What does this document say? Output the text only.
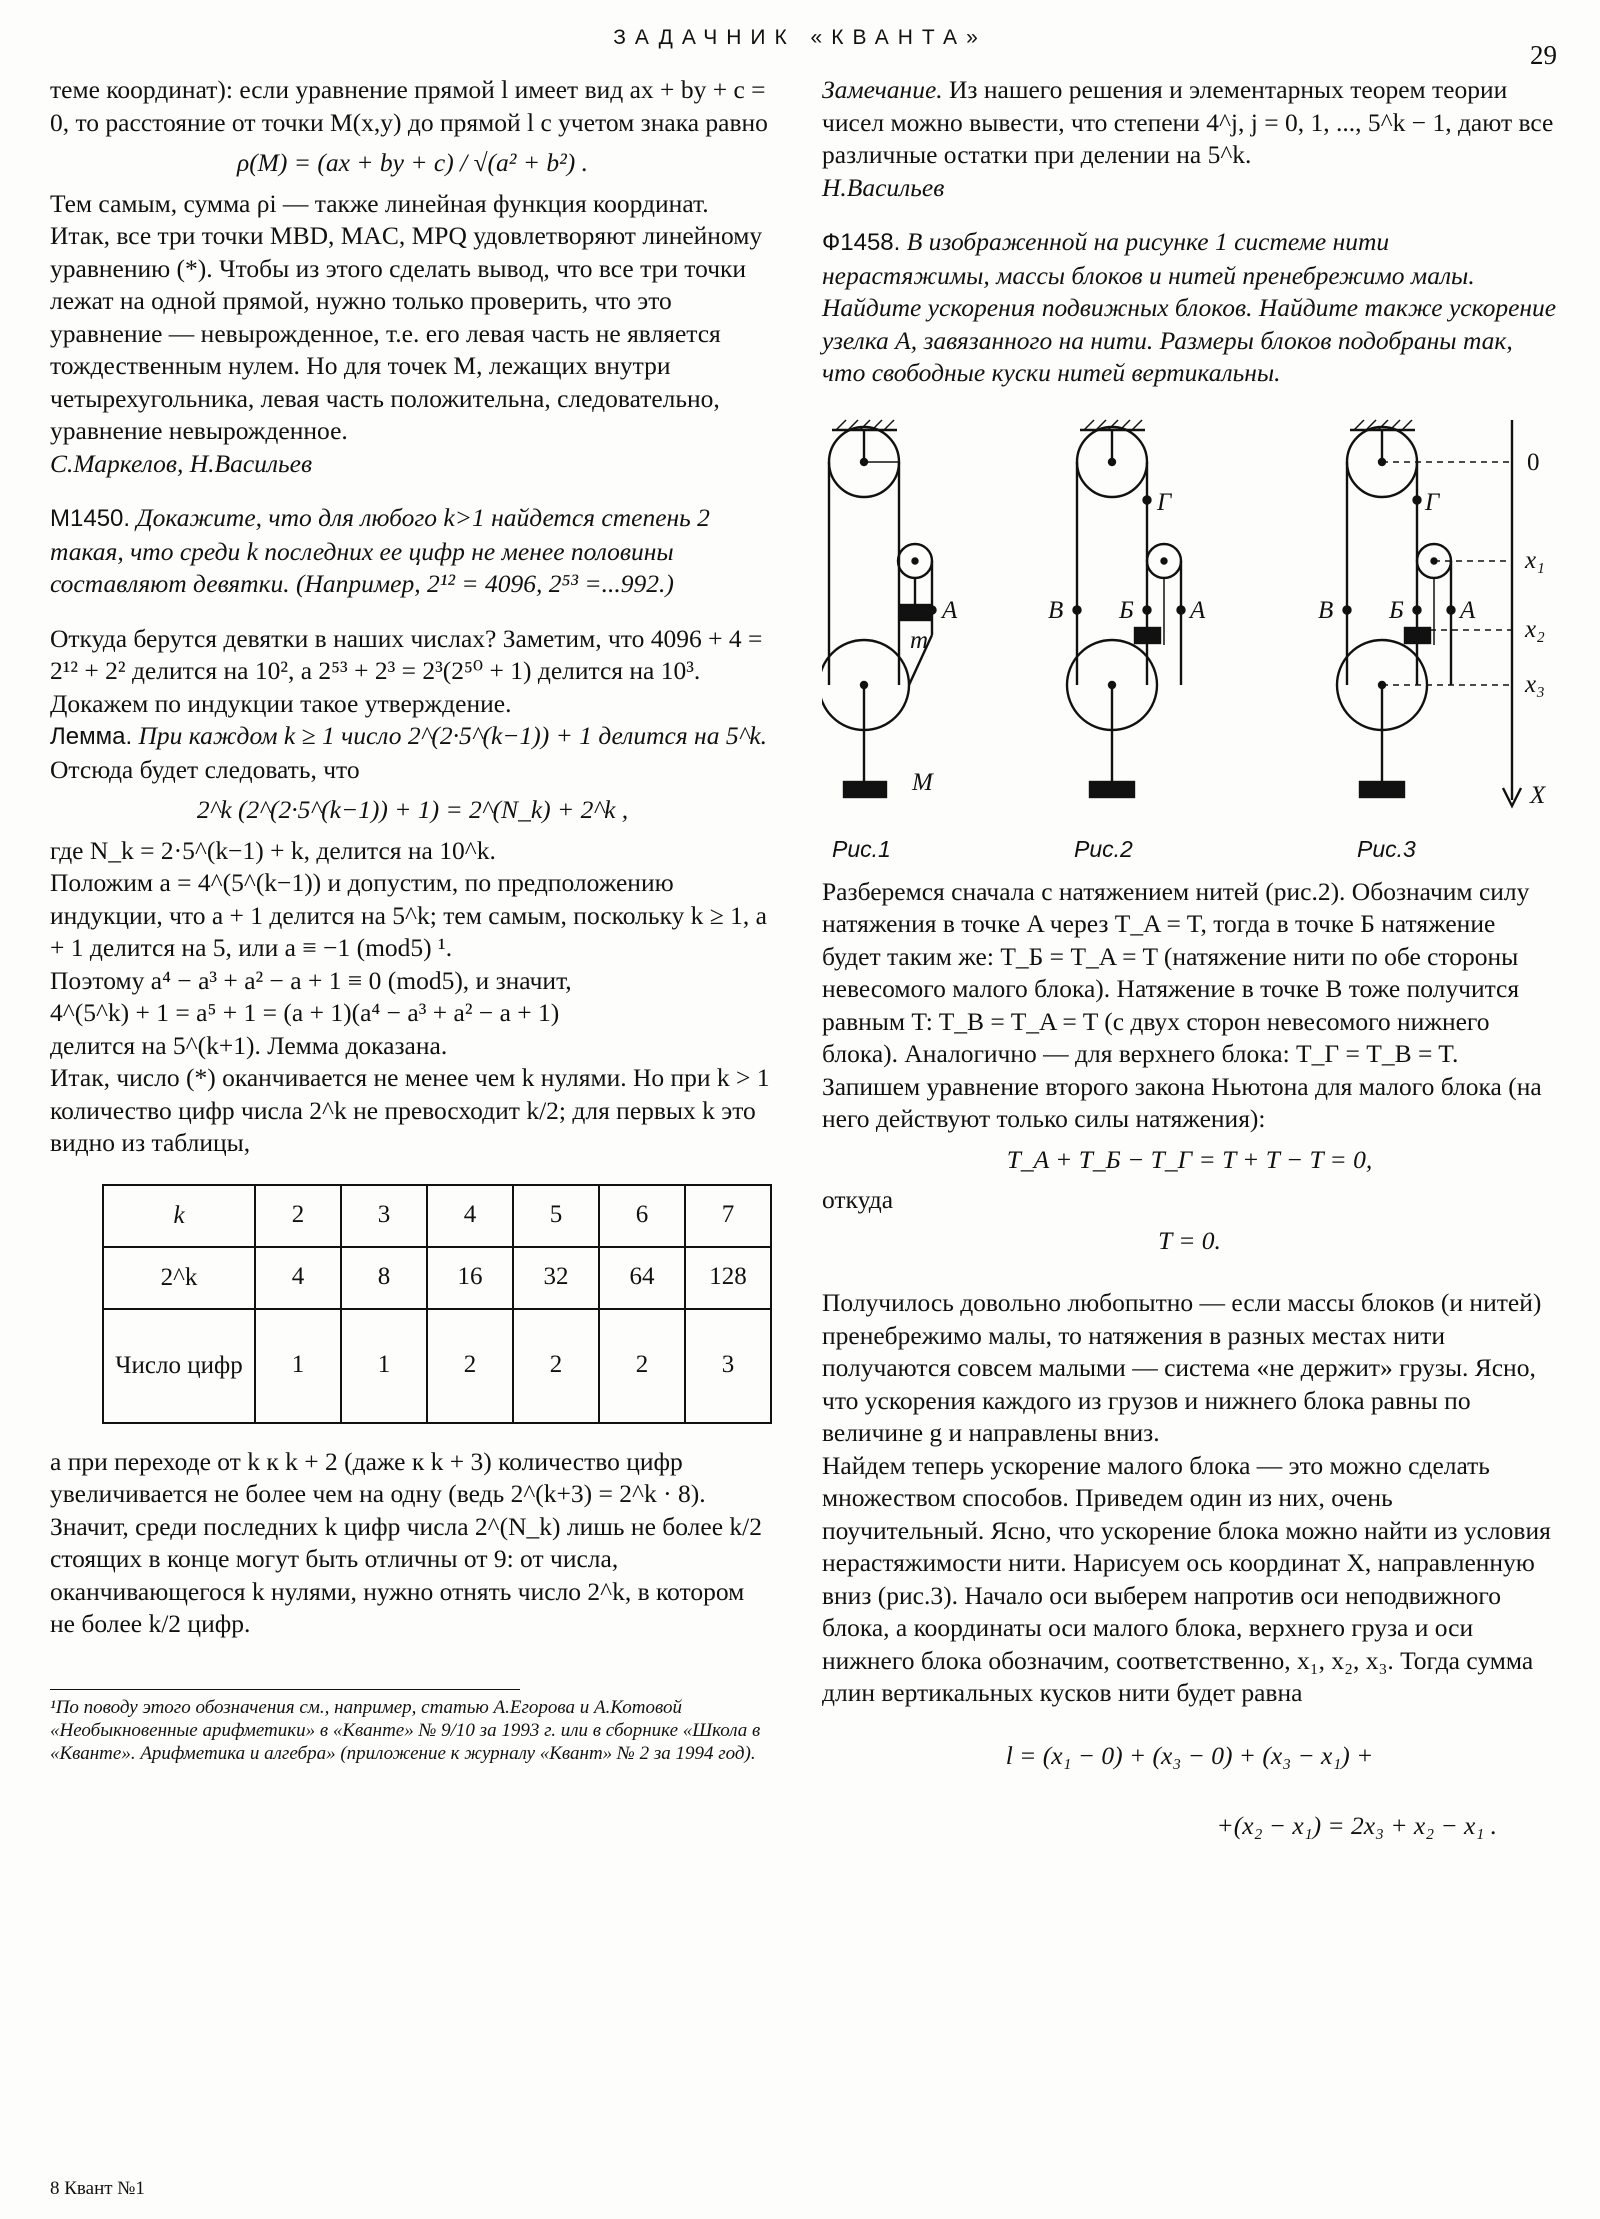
ЗАДАЧНИК «КВАНТА»
29

теме координат): если уравнение прямой l имеет вид ax + by + c = 0, то расстояние от точки M(x,y) до прямой l с учетом знака равно

ρ(M) = (ax + by + c) / √(a² + b²) .

Тем самым, сумма ρi — также линейная функция координат.

Итак, все три точки MBD, MAC, MPQ удовлетворяют линейному уравнению (*). Чтобы из этого сделать вывод, что все три точки лежат на одной прямой, нужно только проверить, что это уравнение — невырожденное, т.е. его левая часть не является тождественным нулем. Но для точек M, лежащих внутри четырехугольника, левая часть положительна, следовательно, уравнение невырожденное.

С.Маркелов, Н.Васильев

М1450. Докажите, что для любого k>1 найдется степень 2 такая, что среди k последних ее цифр не менее половины составляют девятки. (Например, 2¹² = 4096, 2⁵³ =...992.)

Откуда берутся девятки в наших числах? Заметим, что 4096 + 4 = 2¹² + 2² делится на 10², а 2⁵³ + 2³ = 2³(2⁵⁰ + 1) делится на 10³. Докажем по индукции такое утверждение.

Лемма. При каждом k ≥ 1 число 2^(2·5^(k−1)) + 1 делится на 5^k.

Отсюда будет следовать, что

2^k (2^(2·5^(k−1)) + 1) = 2^(N_k) + 2^k ,

где N_k = 2·5^(k−1) + k, делится на 10^k.

Положим a = 4^(5^(k−1)) и допустим, по предположению индукции, что a + 1 делится на 5^k; тем самым, поскольку k ≥ 1, a + 1 делится на 5, или a ≡ −1 (mod5) ¹.

Поэтому a⁴ − a³ + a² − a + 1 ≡ 0 (mod5), и значит,

4^(5^k) + 1 = a⁵ + 1 = (a + 1)(a⁴ − a³ + a² − a + 1)

делится на 5^(k+1). Лемма доказана.

Итак, число (*) оканчивается не менее чем k нулями. Но при k > 1 количество цифр числа 2^k не превосходит k/2; для первых k это видно из таблицы,

k	2	3	4	5	6	7
2^k	4	8	16	32	64	128
Число цифр	1	1	2	2	2	3

а при переходе от k к k + 2 (даже к k + 3) количество цифр увеличивается не более чем на одну (ведь 2^(k+3) = 2^k · 8). Значит, среди последних k цифр числа 2^(N_k) лишь не более k/2 стоящих в конце могут быть отличны от 9: от числа, оканчивающегося k нулями, нужно отнять число 2^k, в котором не более k/2 цифр.

¹По поводу этого обозначения см., например, статью А.Егорова и А.Котовой «Необыкновенные арифметики» в «Кванте» № 9/10 за 1993 г. или в сборнике «Школа в «Кванте». Арифметика и алгебра» (приложение к журналу «Квант» № 2 за 1994 год).

8 Квант №1

Замечание. Из нашего решения и элементарных теорем теории чисел можно вывести, что степени 4^j, j = 0, 1, ..., 5^k − 1, дают все различные остатки при делении на 5^k.

Н.Васильев

Ф1458. В изображенной на рисунке 1 системе нити нерастяжимы, массы блоков и нитей пренебрежимо малы. Найдите ускорения подвижных блоков. Найдите также ускорение узелка А, завязанного на нити. Размеры блоков подобраны так, что свободные куски нитей вертикальны.

m
A
M
Рис.1
В Б A
Г
Рис.2
В Б A
Г
0
x₁
x₂
x₃
X
Рис.3

Разберемся сначала с натяжением нитей (рис.2). Обозначим силу натяжения в точке A через T_A = T, тогда в точке Б натяжение будет таким же: T_Б = T_A = T (натяжение нити по обе стороны невесомого малого блока). Натяжение в точке B тоже получится равным T: T_B = T_A = T (с двух сторон невесомого нижнего блока). Аналогично — для верхнего блока: T_Г = T_B = T. Запишем уравнение второго закона Ньютона для малого блока (на него действуют только силы натяжения):

T_A + T_Б − T_Г = T + T − T = 0,

откуда

T = 0.

Получилось довольно любопытно — если массы блоков (и нитей) пренебрежимо малы, то натяжения в разных местах нити получаются совсем малыми — система «не держит» грузы. Ясно, что ускорения каждого из грузов и нижнего блока равны по величине g и направлены вниз.

Найдем теперь ускорение малого блока — это можно сделать множеством способов. Приведем один из них, очень поучительный. Ясно, что ускорение блока можно найти из условия нерастяжимости нити. Нарисуем ось координат X, направленную вниз (рис.3). Начало оси выберем напротив оси неподвижного блока, а координаты оси малого блока, верхнего груза и оси нижнего блока обозначим, соответственно, x₁, x₂, x₃. Тогда сумма длин вертикальных кусков нити будет равна

l = (x₁ − 0) + (x₃ − 0) + (x₃ − x₁) +

+(x₂ − x₁) = 2x₃ + x₂ − x₁ .
